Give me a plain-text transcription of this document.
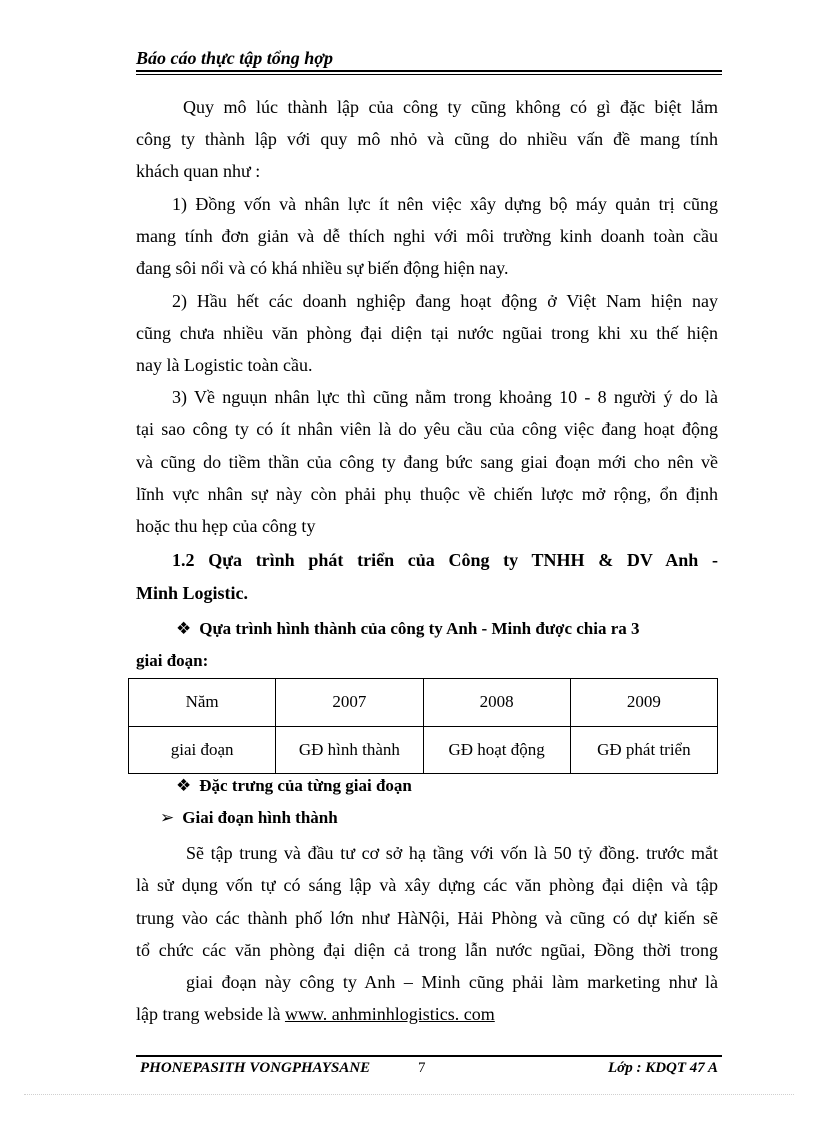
Báo cáo thực tập tổng hợp
Quy mô lúc thành lập của công ty cũng không có gì đặc biệt lắm
công ty thành lập với quy mô nhỏ và cũng do nhiều vấn đề mang tính
khách quan như :
1) Đồng vốn và nhân lực ít nên việc xây dựng bộ máy quản trị cũng
mang tính đơn giản và dễ thích nghi với môi trường kinh doanh toàn cầu
đang sôi nổi và có khá nhiều sự biến động hiện nay.
2) Hầu hết các doanh nghiệp đang hoạt động ở Việt Nam hiện nay
cũng chưa nhiều văn phòng đại diện tại nước ngũai trong khi xu thế hiện
nay là Logistic toàn cầu.
3) Về nguụn nhân lực thì cũng nằm trong khoảng 10 - 8 người ý do là
tại sao công ty có ít nhân viên là do yêu cầu của công việc đang hoạt động
và cũng do tiềm thần của công ty đang bức sang giai đoạn mới cho nên về
lĩnh vực nhân sự này còn phải phụ thuộc về chiến lược mở rộng, ổn định
hoặc thu hẹp của công ty
1.2 Qựa trình phát triển của Công ty TNHH & DV Anh -
Minh Logistic.
❖ Qựa trình hình thành của công ty Anh - Minh được chia ra 3
giai đoạn:
Năm	2007	2008	2009
giai đoạn	GĐ hình thành	GĐ hoạt động	GĐ phát triển
❖ Đặc trưng của từng giai đoạn
➢ Giai đoạn hình thành
Sẽ tập trung và đầu tư cơ sở hạ tầng với vốn là 50 tỷ đồng. trước mắt
là sử dụng vốn tự có sáng lập và xây dựng các văn phòng đại diện và tập
trung vào các thành phố lớn như HàNội, Hải Phòng và cũng có dự kiến sẽ
tổ chức các văn phòng đại diện cả trong lẫn nước ngũai, Đồng thời trong
giai đoạn này công ty Anh – Minh cũng phải làm marketing như là
lập trang webside là www. anhminhlogistics. com
PHONEPASITH VONGPHAYSANE	7	Lớp : KDQT 47 A
